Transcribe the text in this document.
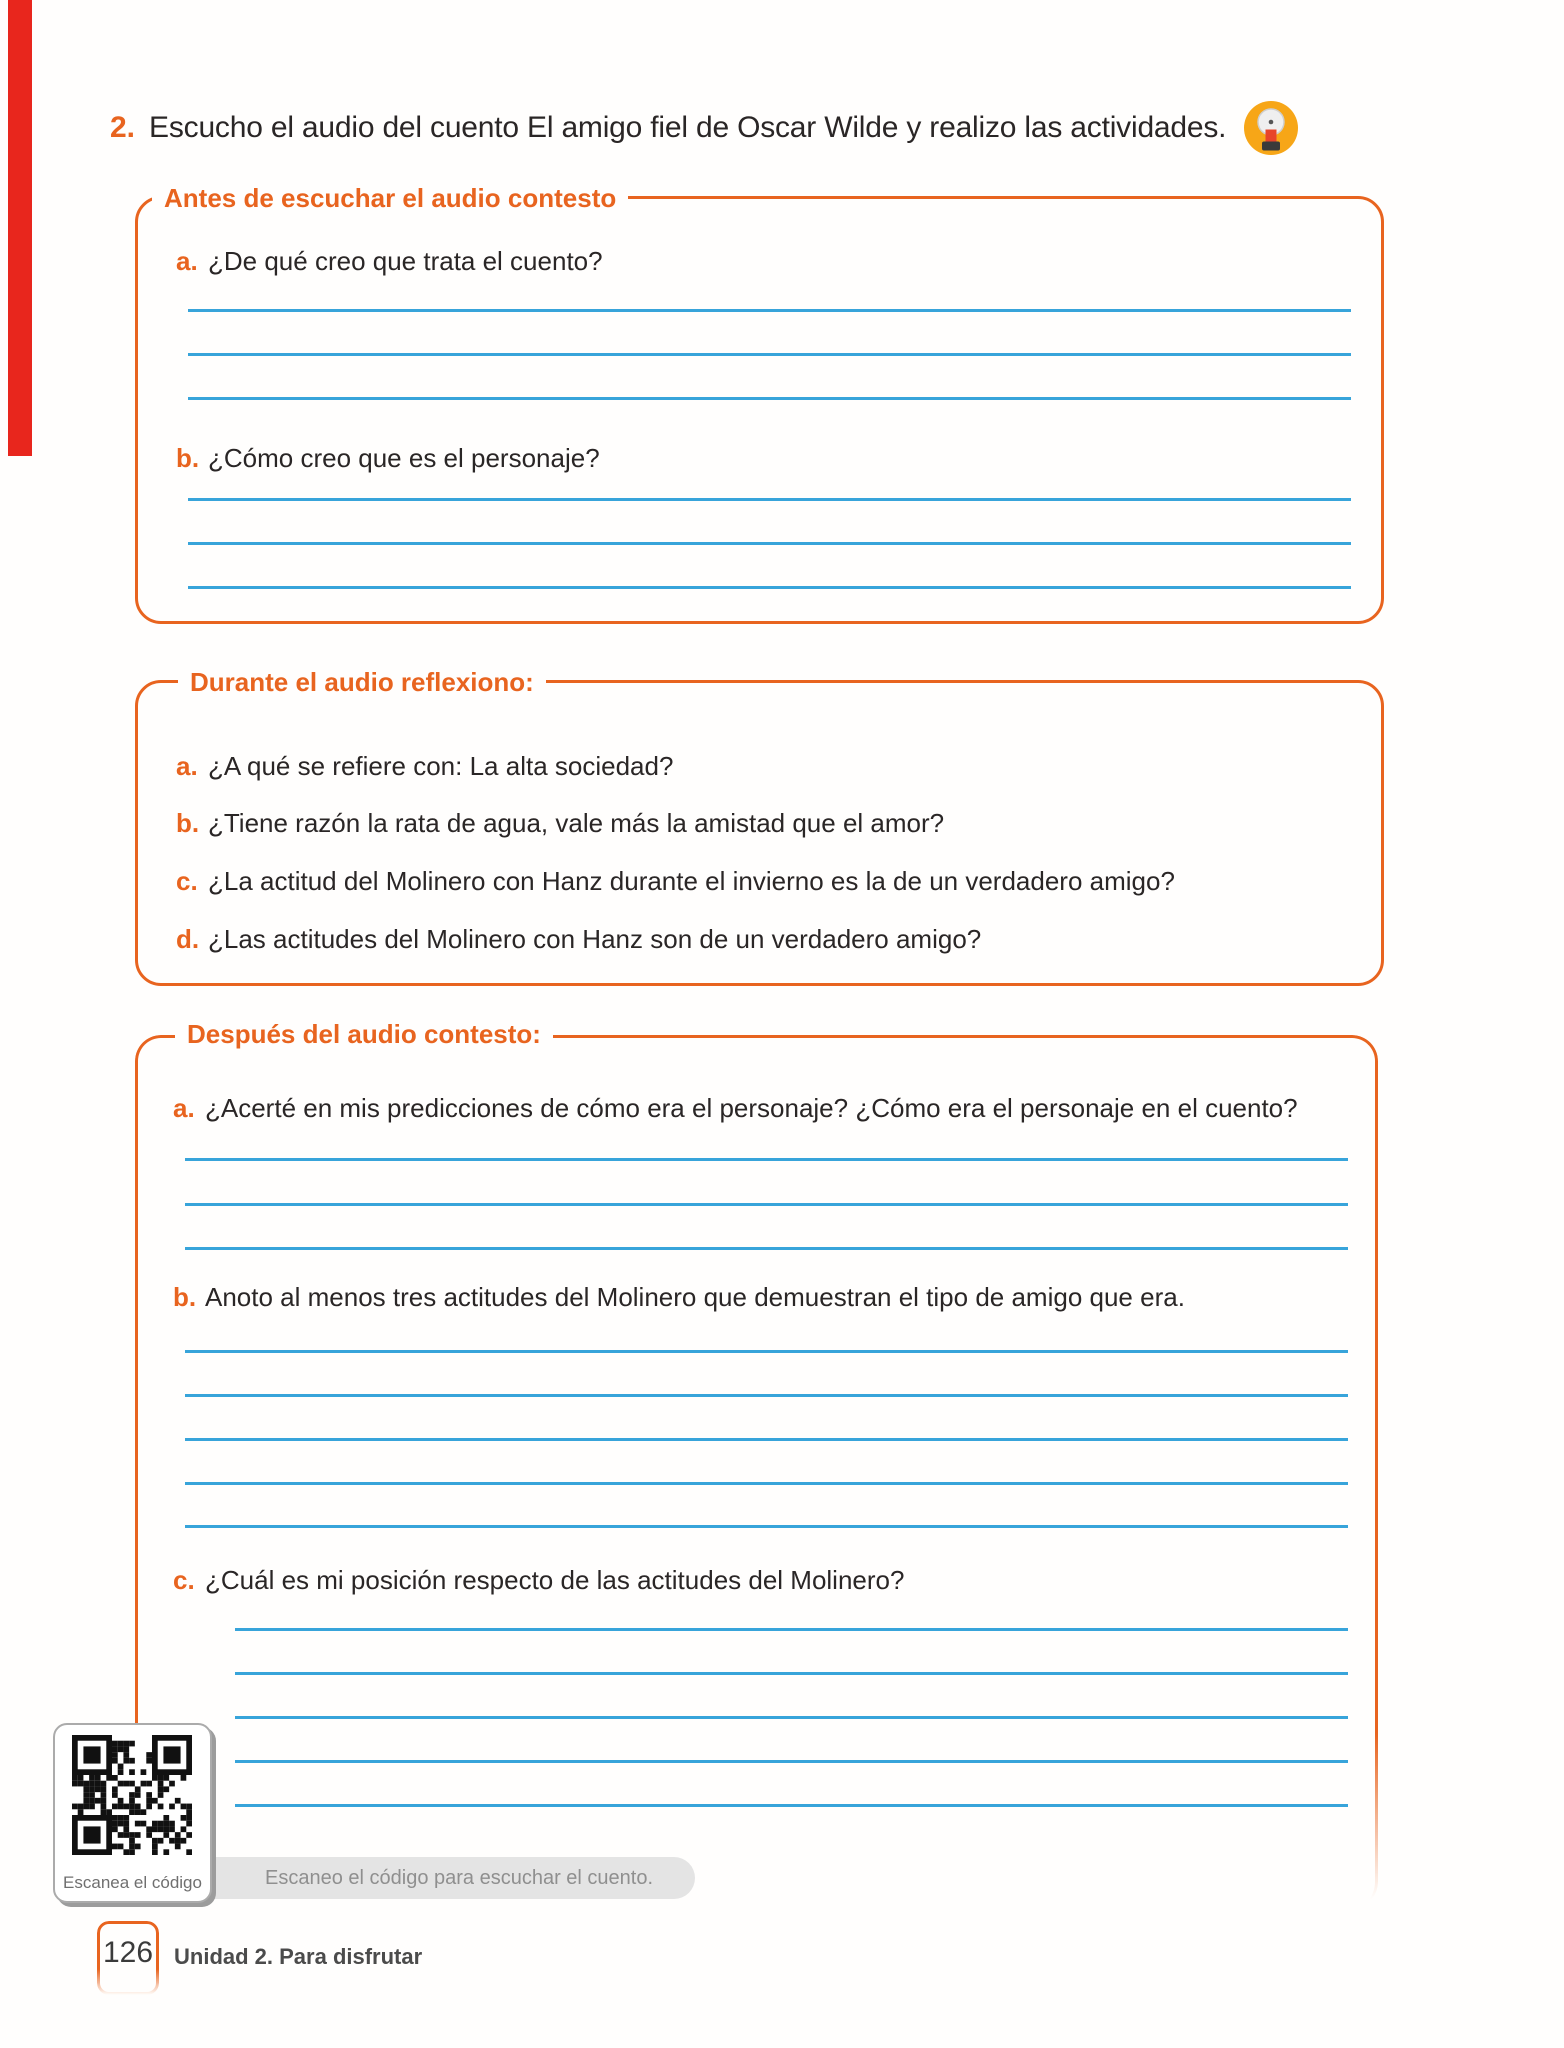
2. Escucho el audio del cuento El amigo fiel de Oscar Wilde y realizo las actividades.
Antes de escuchar el audio contesto
a. ¿De qué creo que trata el cuento?
b. ¿Cómo creo que es el personaje?
Durante el audio reflexiono:
a. ¿A qué se refiere con: La alta sociedad?
b. ¿Tiene razón la rata de agua, vale más la amistad que el amor?
c. ¿La actitud del Molinero con Hanz durante el invierno es la de un verdadero amigo?
d. ¿Las actitudes del Molinero con Hanz son de un verdadero amigo?
Después del audio contesto:
a. ¿Acerté en mis predicciones de cómo era el personaje? ¿Cómo era el personaje en el cuento?
b. Anoto al menos tres actitudes del Molinero que demuestran el tipo de amigo que era.
c. ¿Cuál es mi posición respecto de las actitudes del Molinero?
Escaneo el código para escuchar el cuento.
Escanea el código
126 Unidad 2. Para disfrutar
